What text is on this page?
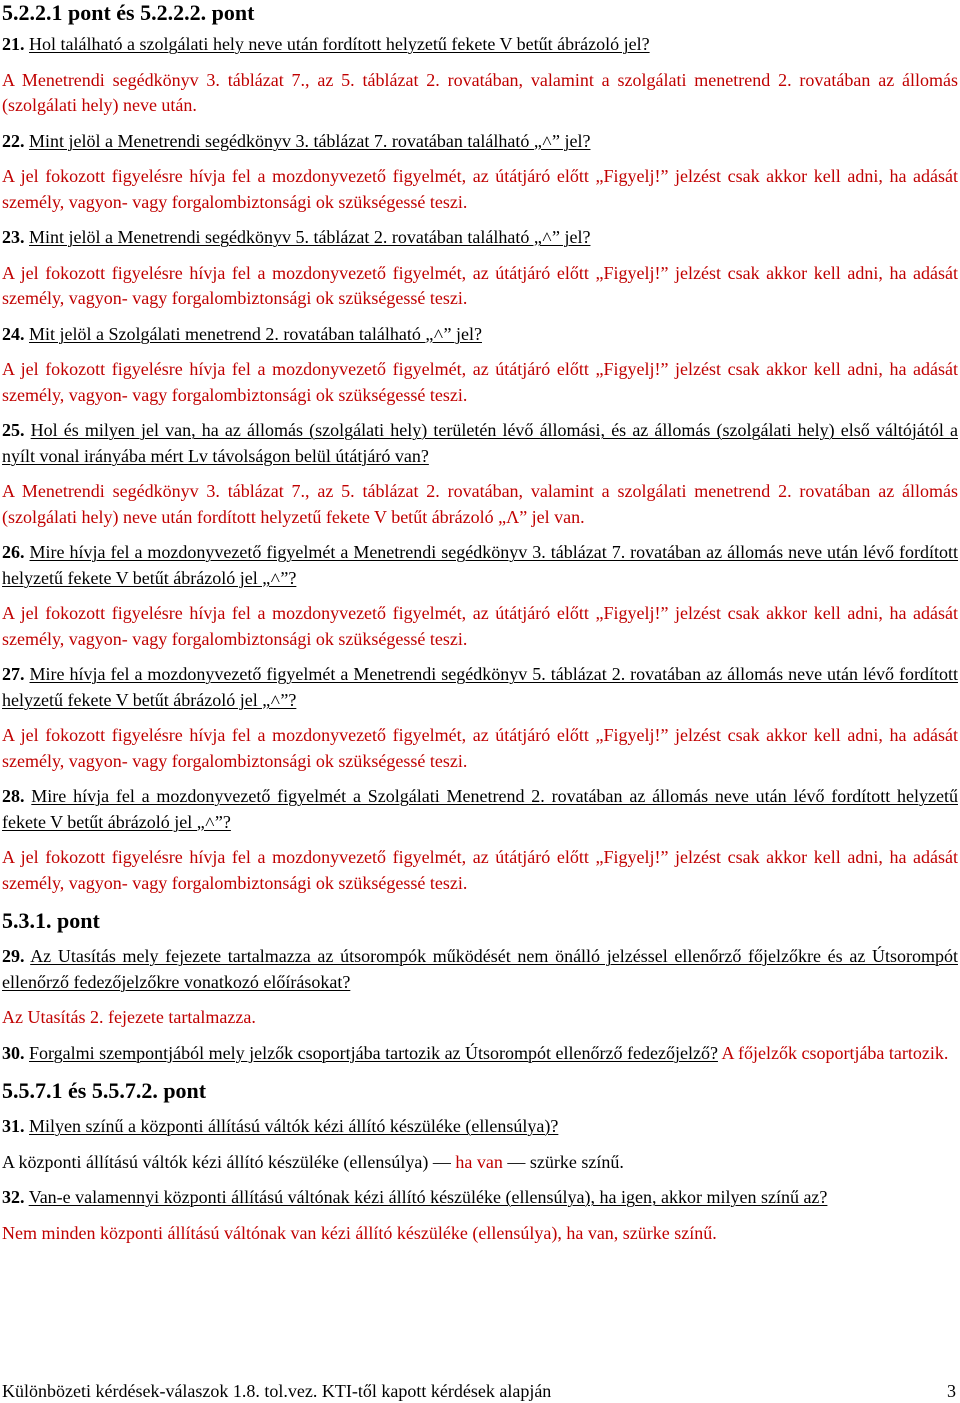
5.2.2.1 pont és 5.2.2.2. pont

21. Hol található a szolgálati hely neve után fordított helyzetű fekete V betűt ábrázoló jel?

A Menetrendi segédkönyv 3. táblázat 7., az 5. táblázat 2. rovatában, valamint a szolgálati menetrend 2. rovatában az állomás (szolgálati hely) neve után.

22. Mint jelöl a Menetrendi segédkönyv 3. táblázat 7. rovatában található „˄” jel?

A jel fokozott figyelésre hívja fel a mozdonyvezető figyelmét, az útátjáró előtt „Figyelj!” jelzést csak akkor kell adni, ha adását személy, vagyon- vagy forgalombiztonsági ok szükségessé teszi.

23. Mint jelöl a Menetrendi segédkönyv 5. táblázat 2. rovatában található „˄” jel?

A jel fokozott figyelésre hívja fel a mozdonyvezető figyelmét, az útátjáró előtt „Figyelj!” jelzést csak akkor kell adni, ha adását személy, vagyon- vagy forgalombiztonsági ok szükségessé teszi.

24. Mit jelöl a Szolgálati menetrend 2. rovatában található „˄” jel?

A jel fokozott figyelésre hívja fel a mozdonyvezető figyelmét, az útátjáró előtt „Figyelj!” jelzést csak akkor kell adni, ha adását személy, vagyon- vagy forgalombiztonsági ok szükségessé teszi.

25. Hol és milyen jel van, ha az állomás (szolgálati hely) területén lévő állomási, és az állomás (szolgálati hely) első váltójától a nyílt vonal irányába mért Lv távolságon belül útátjáró van?

A Menetrendi segédkönyv 3. táblázat 7., az 5. táblázat 2. rovatában, valamint a szolgálati menetrend 2. rovatában az állomás (szolgálati hely) neve után fordított helyzetű fekete V betűt ábrázoló „Λ” jel van.

26. Mire hívja fel a mozdonyvezető figyelmét a Menetrendi segédkönyv 3. táblázat 7. rovatában az állomás neve után lévő fordított helyzetű fekete V betűt ábrázoló jel „˄”?

A jel fokozott figyelésre hívja fel a mozdonyvezető figyelmét, az útátjáró előtt „Figyelj!” jelzést csak akkor kell adni, ha adását személy, vagyon- vagy forgalombiztonsági ok szükségessé teszi.

27. Mire hívja fel a mozdonyvezető figyelmét a Menetrendi segédkönyv 5. táblázat 2. rovatában az állomás neve után lévő fordított helyzetű fekete V betűt ábrázoló jel „˄”?

A jel fokozott figyelésre hívja fel a mozdonyvezető figyelmét, az útátjáró előtt „Figyelj!” jelzést csak akkor kell adni, ha adását személy, vagyon- vagy forgalombiztonsági ok szükségessé teszi.

28. Mire hívja fel a mozdonyvezető figyelmét a Szolgálati Menetrend 2. rovatában az állomás neve után lévő fordított helyzetű fekete V betűt ábrázoló jel „˄”?

A jel fokozott figyelésre hívja fel a mozdonyvezető figyelmét, az útátjáró előtt „Figyelj!” jelzést csak akkor kell adni, ha adását személy, vagyon- vagy forgalombiztonsági ok szükségessé teszi.

5.3.1. pont

29. Az Utasítás mely fejezete tartalmazza az útsorompók működését nem önálló jelzéssel ellenőrző főjelzőkre és az Útsorompót ellenőrző fedezőjelzőkre vonatkozó előírásokat?

Az Utasítás 2. fejezete tartalmazza.

30. Forgalmi szempontjából mely jelzők csoportjába tartozik az Útsorompót ellenőrző fedezőjelző? A főjelzők csoportjába tartozik.

5.5.7.1 és 5.5.7.2. pont

31. Milyen színű a központi állítású váltók kézi állító készüléke (ellensúlya)?

A központi állítású váltók kézi állító készüléke (ellensúlya) — ha van — szürke színű.

32. Van-e valamennyi központi állítású váltónak kézi állító készüléke (ellensúlya), ha igen, akkor milyen színű az?

Nem minden központi állítású váltónak van kézi állító készüléke (ellensúlya), ha van, szürke színű.

Különbözeti kérdések-válaszok 1.8. tol.vez. KTI-től kapott kérdések alapján	3
